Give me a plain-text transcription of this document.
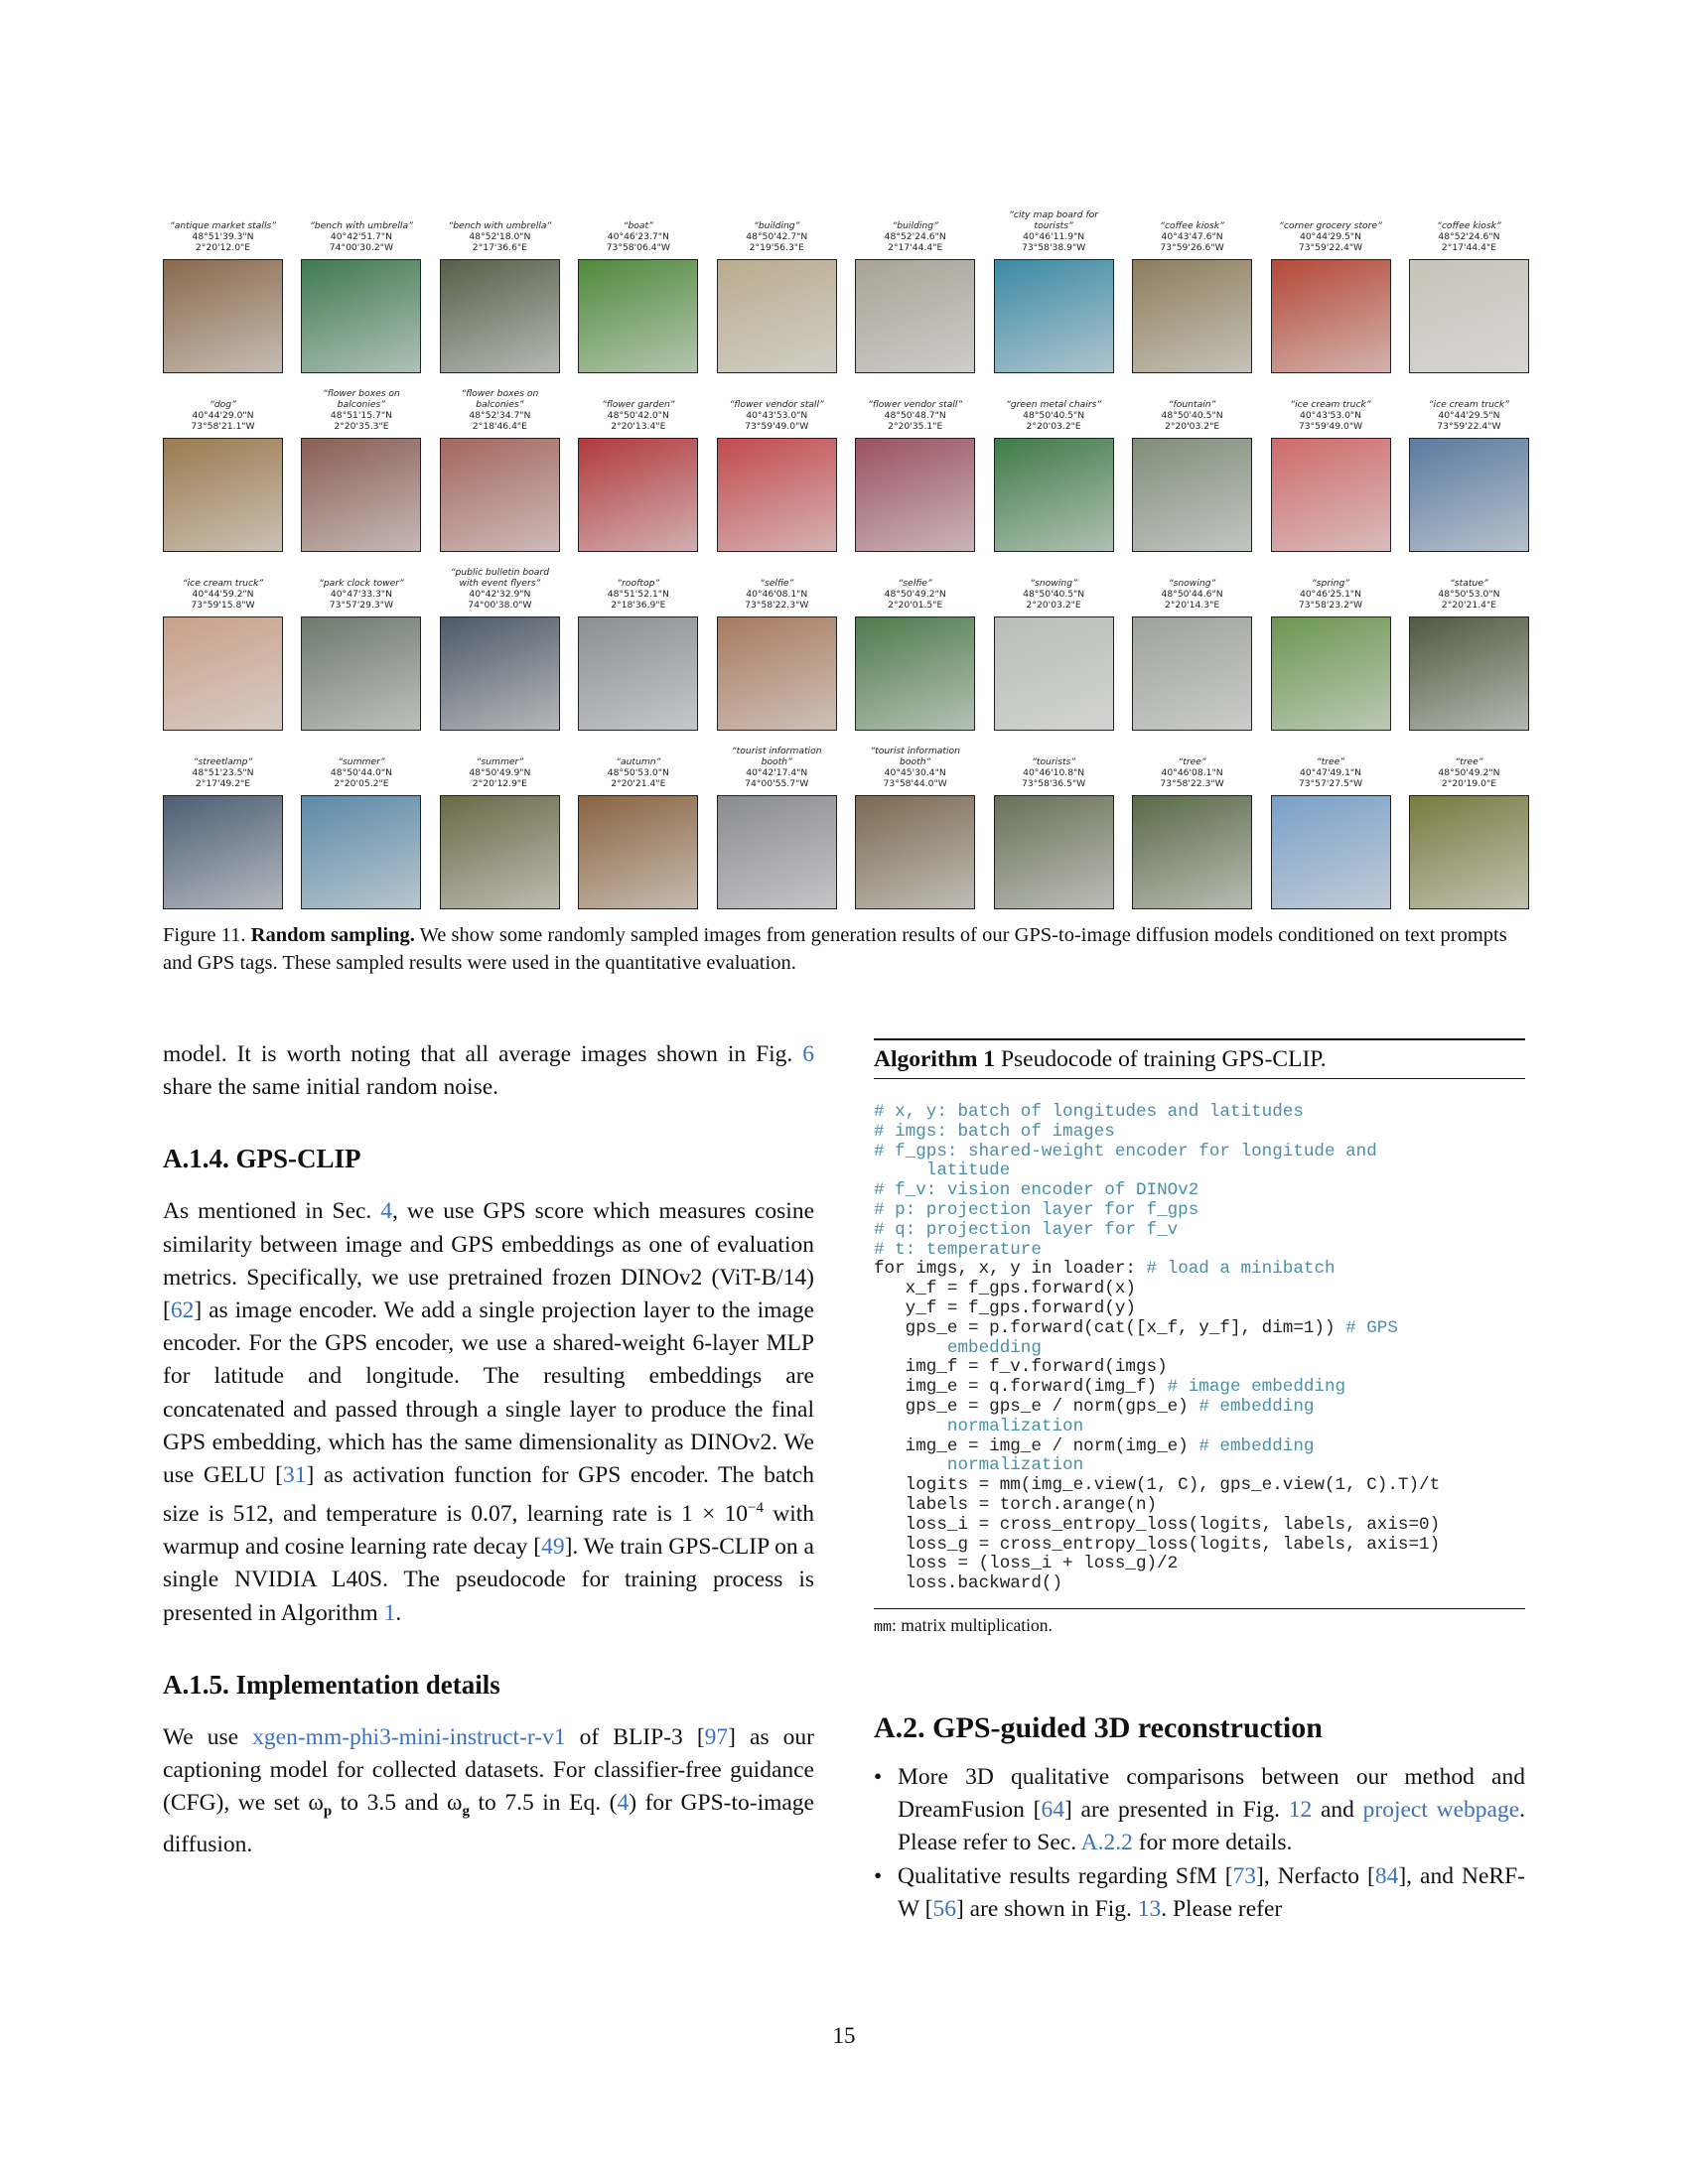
“antique market stalls”
48°51'39.3"N
2°20'12.0"E
“bench with umbrella”
40°42'51.7"N
74°00'30.2"W
“bench with umbrella”
48°52'18.0"N
2°17'36.6"E
“boat”
40°46'23.7"N
73°58'06.4"W
“building”
48°50'42.7"N
2°19'56.3"E
“building”
48°52'24.6"N
2°17'44.4"E
“city map board for tourists”
40°46'11.9"N
73°58'38.9"W
“coffee kiosk”
40°43'47.6"N
73°59'26.6"W
“corner grocery store”
40°44'29.5"N
73°59'22.4"W
“coffee kiosk”
48°52'24.6"N
2°17'44.4"E
“dog”
40°44'29.0"N
73°58'21.1"W
“flower boxes on balconies”
48°51'15.7"N
2°20'35.3"E
“flower boxes on balconies”
48°52'34.7"N
2°18'46.4"E
“flower garden”
48°50'42.0"N
2°20'13.4"E
“flower vendor stall”
40°43'53.0"N
73°59'49.0"W
“flower vendor stall”
48°50'48.7"N
2°20'35.1"E
“green metal chairs”
48°50'40.5"N
2°20'03.2"E
“fountain”
48°50'40.5"N
2°20'03.2"E
“ice cream truck”
40°43'53.0"N
73°59'49.0"W
“ice cream truck”
40°44'29.5"N
73°59'22.4"W
“ice cream truck”
40°44'59.2"N
73°59'15.8"W
“park clock tower”
40°47'33.3"N
73°57'29.3"W
“public bulletin board with event flyers”
40°42'32.9"N
74°00'38.0"W
“rooftop”
48°51'52.1"N
2°18'36.9"E
“selfie”
40°46'08.1"N
73°58'22.3"W
“selfie”
48°50'49.2"N
2°20'01.5"E
“snowing”
48°50'40.5"N
2°20'03.2"E
“snowing”
48°50'44.6"N
2°20'14.3"E
“spring”
40°46'25.1"N
73°58'23.2"W
“statue”
48°50'53.0"N
2°20'21.4"E
“streetlamp”
48°51'23.5"N
2°17'49.2"E
“summer”
48°50'44.0"N
2°20'05.2"E
“summer”
48°50'49.9"N
2°20'12.9"E
“autumn”
48°50'53.0"N
2°20'21.4"E
“tourist information booth”
40°42'17.4"N
74°00'55.7"W
“tourist information booth”
40°45'30.4"N
73°58'44.0"W
“tourists”
40°46'10.8"N
73°58'36.5"W
“tree”
40°46'08.1"N
73°58'22.3"W
“tree”
40°47'49.1"N
73°57'27.5"W
“tree”
48°50'49.2"N
2°20'19.0"E
Figure 11. Random sampling. We show some randomly sampled images from generation results of our GPS-to-image diffusion models conditioned on text prompts and GPS tags. These sampled results were used in the quantitative evaluation.

model. It is worth noting that all average images shown in Fig. 6 share the same initial random noise.

A.1.4. GPS-CLIP

As mentioned in Sec. 4, we use GPS score which measures cosine similarity between image and GPS embeddings as one of evaluation metrics. Specifically, we use pretrained frozen DINOv2 (ViT-B/14) [62] as image encoder. We add a single projection layer to the image encoder. For the GPS encoder, we use a shared-weight 6-layer MLP for latitude and longitude. The resulting embeddings are concatenated and passed through a single layer to produce the final GPS embedding, which has the same dimensionality as DINOv2. We use GELU [31] as activation function for GPS encoder. The batch size is 512, and temperature is 0.07, learning rate is $1 \times 10^{-4}$ with warmup and cosine learning rate decay [49]. We train GPS-CLIP on a single NVIDIA L40S. The pseudocode for training process is presented in Algorithm 1.

A.1.5. Implementation details

We use xgen-mm-phi3-mini-instruct-r-v1 of BLIP-3 [97] as our captioning model for collected datasets. For classifier-free guidance (CFG), we set $\omega_p$ to 3.5 and $\omega_g$ to 7.5 in Eq. (4) for GPS-to-image diffusion.

Algorithm 1 Pseudocode of training GPS-CLIP.
# x, y: batch of longitudes and latitudes
# imgs: batch of images
# f_gps: shared-weight encoder for longitude and
latitude
# f_v: vision encoder of DINOv2
# p: projection layer for f_gps
# q: projection layer for f_v
# t: temperature
for imgs, x, y in loader: # load a minibatch
x_f = f_gps.forward(x)
y_f = f_gps.forward(y)
gps_e = p.forward(cat([x_f, y_f], dim=1)) # GPS
embedding
img_f = f_v.forward(imgs)
img_e = q.forward(img_f) # image embedding
gps_e = gps_e / norm(gps_e) # embedding
normalization
img_e = img_e / norm(img_e) # embedding
normalization
logits = mm(img_e.view(1, C), gps_e.view(1, C).T)/t
labels = torch.arange(n)
loss_i = cross_entropy_loss(logits, labels, axis=0)
loss_g = cross_entropy_loss(logits, labels, axis=1)
loss = (loss_i + loss_g)/2
loss.backward()
mm: matrix multiplication.
A.2. GPS-guided 3D reconstruction
• More 3D qualitative comparisons between our method and DreamFusion [64] are presented in Fig. 12 and project webpage. Please refer to Sec. A.2.2 for more details.
• Qualitative results regarding SfM [73], Nerfacto [84], and NeRF-W [56] are shown in Fig. 13. Please refer
15
